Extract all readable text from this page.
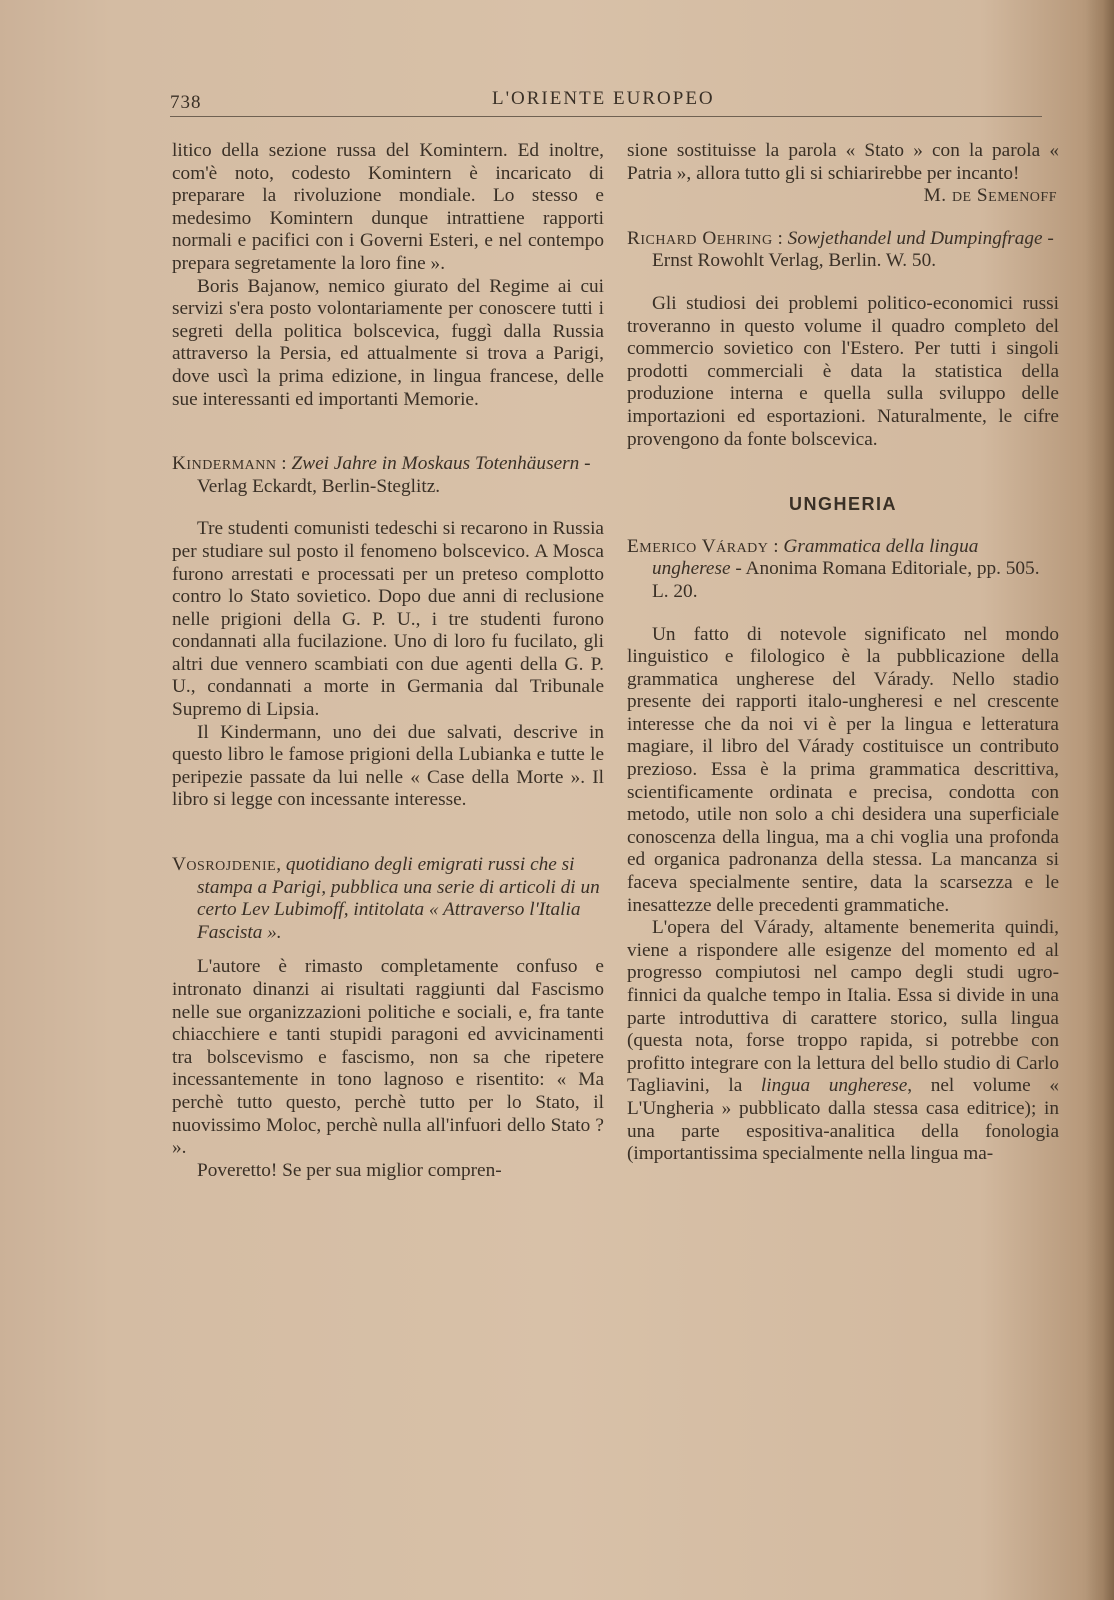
738	L'ORIENTE EUROPEO

litico della sezione russa del Komintern. Ed inoltre, com'è noto, codesto Komintern è incaricato di preparare la rivoluzione mondiale. Lo stesso e medesimo Komintern dunque intrattiene rapporti normali e pacifici con i Governi Esteri, e nel contempo prepara segretamente la loro fine ».

Boris Bajanow, nemico giurato del Regime ai cui servizi s'era posto volontariamente per conoscere tutti i segreti della politica bolscevica, fuggì dalla Russia attraverso la Persia, ed attualmente si trova a Parigi, dove uscì la prima edizione, in lingua francese, delle sue interessanti ed importanti Memorie.

Kindermann : Zwei Jahre in Moskaus Totenhäusern - Verlag Eckardt, Berlin-Steglitz.

Tre studenti comunisti tedeschi si recarono in Russia per studiare sul posto il fenomeno bolscevico. A Mosca furono arrestati e processati per un preteso complotto contro lo Stato sovietico. Dopo due anni di reclusione nelle prigioni della G. P. U., i tre studenti furono condannati alla fucilazione. Uno di loro fu fucilato, gli altri due vennero scambiati con due agenti della G. P. U., condannati a morte in Germania dal Tribunale Supremo di Lipsia.

Il Kindermann, uno dei due salvati, descrive in questo libro le famose prigioni della Lubianka e tutte le peripezie passate da lui nelle « Case della Morte ». Il libro si legge con incessante interesse.

Vosrojdenie, quotidiano degli emigrati russi che si stampa a Parigi, pubblica una serie di articoli di un certo Lev Lubimoff, intitolata « Attraverso l'Italia Fascista ».

L'autore è rimasto completamente confuso e intronato dinanzi ai risultati raggiunti dal Fascismo nelle sue organizzazioni politiche e sociali, e, fra tante chiacchiere e tanti stupidi paragoni ed avvicinamenti tra bolscevismo e fascismo, non sa che ripetere incessantemente in tono lagnoso e risentito: « Ma perchè tutto questo, perchè tutto per lo Stato, il nuovissimo Moloc, perchè nulla all'infuori dello Stato ? ».

Poveretto! Se per sua miglior compren-

sione sostituisse la parola « Stato » con la parola « Patria », allora tutto gli si schiarirebbe per incanto!

M. de Semenoff

Richard Oehring : Sowjethandel und Dumpingfrage - Ernst Rowohlt Verlag, Berlin. W. 50.

Gli studiosi dei problemi politico-economici russi troveranno in questo volume il quadro completo del commercio sovietico con l'Estero. Per tutti i singoli prodotti commerciali è data la statistica della produzione interna e quella sulla sviluppo delle importazioni ed esportazioni. Naturalmente, le cifre provengono da fonte bolscevica.

UNGHERIA

Emerico Várady : Grammatica della lingua ungherese - Anonima Romana Editoriale, pp. 505. L. 20.

Un fatto di notevole significato nel mondo linguistico e filologico è la pubblicazione della grammatica ungherese del Várady. Nello stadio presente dei rapporti italo-ungheresi e nel crescente interesse che da noi vi è per la lingua e letteratura magiare, il libro del Várady costituisce un contributo prezioso. Essa è la prima grammatica descrittiva, scientificamente ordinata e precisa, condotta con metodo, utile non solo a chi desidera una superficiale conoscenza della lingua, ma a chi voglia una profonda ed organica padronanza della stessa. La mancanza si faceva specialmente sentire, data la scarsezza e le inesattezze delle precedenti grammatiche.

L'opera del Várady, altamente benemerita quindi, viene a rispondere alle esigenze del momento ed al progresso compiutosi nel campo degli studi ugro-finnici da qualche tempo in Italia. Essa si divide in una parte introduttiva di carattere storico, sulla lingua (questa nota, forse troppo rapida, si potrebbe con profitto integrare con la lettura del bello studio di Carlo Tagliavini, la lingua ungherese, nel volume « L'Ungheria » pubblicato dalla stessa casa editrice); in una parte espositiva-analitica della fonologia (importantissima specialmente nella lingua ma-
